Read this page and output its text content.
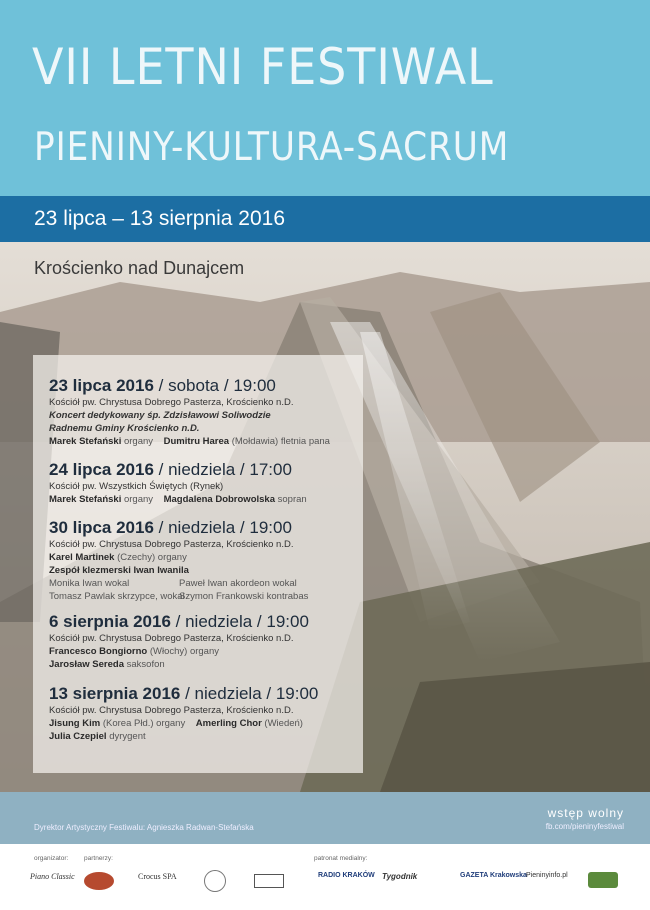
VII LETNI FESTIWAL
PIENINY-KULTURA-SACRUM
23 lipca – 13 sierpnia 2016
Krościenko nad Dunajcem
23 lipca 2016 / sobota / 19:00
Kościół pw. Chrystusa Dobrego Pasterza, Krościenko n.D.
Koncert dedykowany śp. Zdzisławowi Soliwodzie
Radnemu Gminy Krościenko n.D.
Marek Stefański organy Dumitru Harea (Mołdawia) fletnia pana
24 lipca 2016 / niedziela / 17:00
Kościół pw. Wszystkich Świętych (Rynek)
Marek Stefański organy Magdalena Dobrowolska sopran
30 lipca 2016 / niedziela / 19:00
Kościół pw. Chrystusa Dobrego Pasterza, Krościenko n.D.
Karel Martinek (Czechy) organy
Zespół klezmerski Iwan Iwanila
Monika Iwan wokal	Paweł Iwan akordeon wokal
Tomasz Pawlak skrzypce, wokal
Szymon Frankowski kontrabas
6 sierpnia 2016 / niedziela / 19:00
Kościół pw. Chrystusa Dobrego Pasterza, Krościenko n.D.
Francesco Bongiorno (Włochy) organy
Jarosław Sereda saksofon
13 sierpnia 2016 / niedziela / 19:00
Kościół pw. Chrystusa Dobrego Pasterza, Krościenko n.D.
Jisung Kim (Korea Płd.) organy Amerling Chor (Wiedeń)
Julia Czepiel dyrygent
Dyrektor Artystyczny Festiwalu: Agnieszka Radwan-Stefańska
wstęp wolny
fb.com/pieninyfestiwal
organizator: partnerzy:	patronat medialny:
Piano Classic	Crocus SPA	RADIO KRAKÓW Tygodnik	GAZETA Krakowska Pieninyinfo.pl
